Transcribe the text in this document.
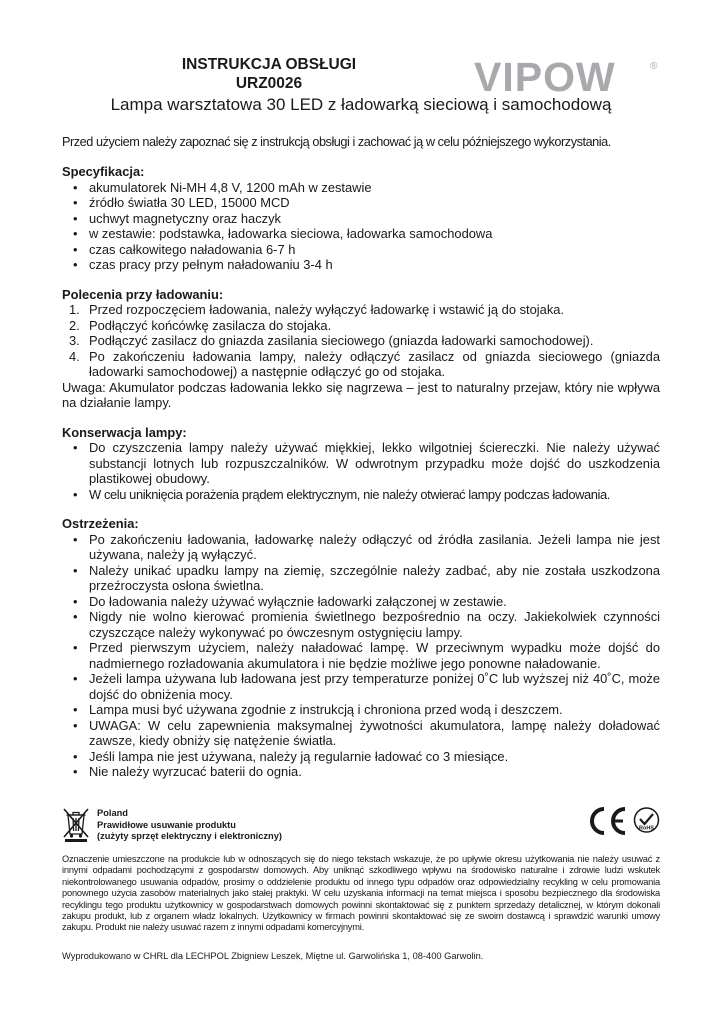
INSTRUKCJA OBSŁUGI
URZ0026
Lampa warsztatowa 30 LED z ładowarką sieciową i samochodową
VIPOW	®
Przed użyciem należy zapoznać się z instrukcją obsługi i zachować ją w celu późniejszego wykorzystania.
Specyfikacja:
• akumulatorek Ni-MH 4,8 V, 1200 mAh w zestawie
• źródło światła 30 LED, 15000 MCD
• uchwyt magnetyczny oraz haczyk
• w zestawie: podstawka, ładowarka sieciowa, ładowarka samochodowa
• czas całkowitego naładowania 6-7 h
• czas pracy przy pełnym naładowaniu 3-4 h
Polecenia przy ładowaniu:
1. Przed rozpoczęciem ładowania, należy wyłączyć ładowarkę i wstawić ją do stojaka.
2. Podłączyć końcówkę zasilacza do stojaka.
3. Podłączyć zasilacz do gniazda zasilania sieciowego (gniazda ładowarki samochodowej).
4. Po zakończeniu ładowania lampy, należy odłączyć zasilacz od gniazda sieciowego (gniazda ładowarki samochodowej) a następnie odłączyć go od stojaka.

Uwaga: Akumulator podczas ładowania lekko się nagrzewa – jest to naturalny przejaw, który nie wpływa na działanie lampy.

Konserwacja lampy:
• Do czyszczenia lampy należy używać miękkiej, lekko wilgotniej ściereczki. Nie należy używać substancji lotnych lub rozpuszczalników. W odwrotnym przypadku może dojść do uszkodzenia plastikowej obudowy.
• W celu uniknięcia porażenia prądem elektrycznym, nie należy otwierać lampy podczas ładowania.
Ostrzeżenia:
• Po zakończeniu ładowania, ładowarkę należy odłączyć od źródła zasilania. Jeżeli lampa nie jest używana, należy ją wyłączyć.
• Należy unikać upadku lampy na ziemię, szczególnie należy zadbać, aby nie została uszkodzona przeźroczysta osłona świetlna.
• Do ładowania należy używać wyłącznie ładowarki załączonej w zestawie.
• Nigdy nie wolno kierować promienia świetlnego bezpośrednio na oczy. Jakiekolwiek czynności czyszczące należy wykonywać po ówczesnym ostygnięciu lampy.
• Przed pierwszym użyciem, należy naładować lampę. W przeciwnym wypadku może dojść do nadmiernego rozładowania akumulatora i nie będzie możliwe jego ponowne naładowanie.
• Jeżeli lampa używana lub ładowana jest przy temperaturze poniżej 0˚C lub wyższej niż 40˚C, może dojść do obniżenia mocy.
• Lampa musi być używana zgodnie z instrukcją i chroniona przed wodą i deszczem.
• UWAGA: W celu zapewnienia maksymalnej żywotności akumulatora, lampę należy doładować zawsze, kiedy obniży się natężenie światła.
• Jeśli lampa nie jest używana, należy ją regularnie ładować co 3 miesiące.
• Nie należy wyrzucać baterii do ognia.
Poland
Prawidłowe usuwanie produktu
(zużyty sprzęt elektryczny i elektroniczny)
RoHS
Oznaczenie umieszczone na produkcie lub w odnoszących się do niego tekstach wskazuje, że po upływie okresu użytkowania nie należy usuwać z innymi odpadami pochodzącymi z gospodarstw domowych. Aby uniknąć szkodliwego wpływu na środowisko naturalne i zdrowie ludzi wskutek niekontrolowanego usuwania odpadów, prosimy o oddzielenie produktu od innego typu odpadów oraz odpowiedzialny recykling w celu promowania ponownego użycia zasobów materialnych jako stałej praktyki. W celu uzyskania informacji na temat miejsca i sposobu bezpiecznego dla środowiska recyklingu tego produktu użytkownicy w gospodarstwach domowych powinni skontaktować się z punktem sprzedaży detalicznej, w którym dokonali zakupu produkt, lub z organem władz lokalnych. Użytkownicy w firmach powinni skontaktować się ze swoim dostawcą i sprawdzić warunki umowy zakupu. Produkt nie należy usuwać razem z innymi odpadami komercyjnymi.
Wyprodukowano w CHRL dla LECHPOL Zbigniew Leszek, Miętne ul. Garwolińska 1, 08-400 Garwolin.
